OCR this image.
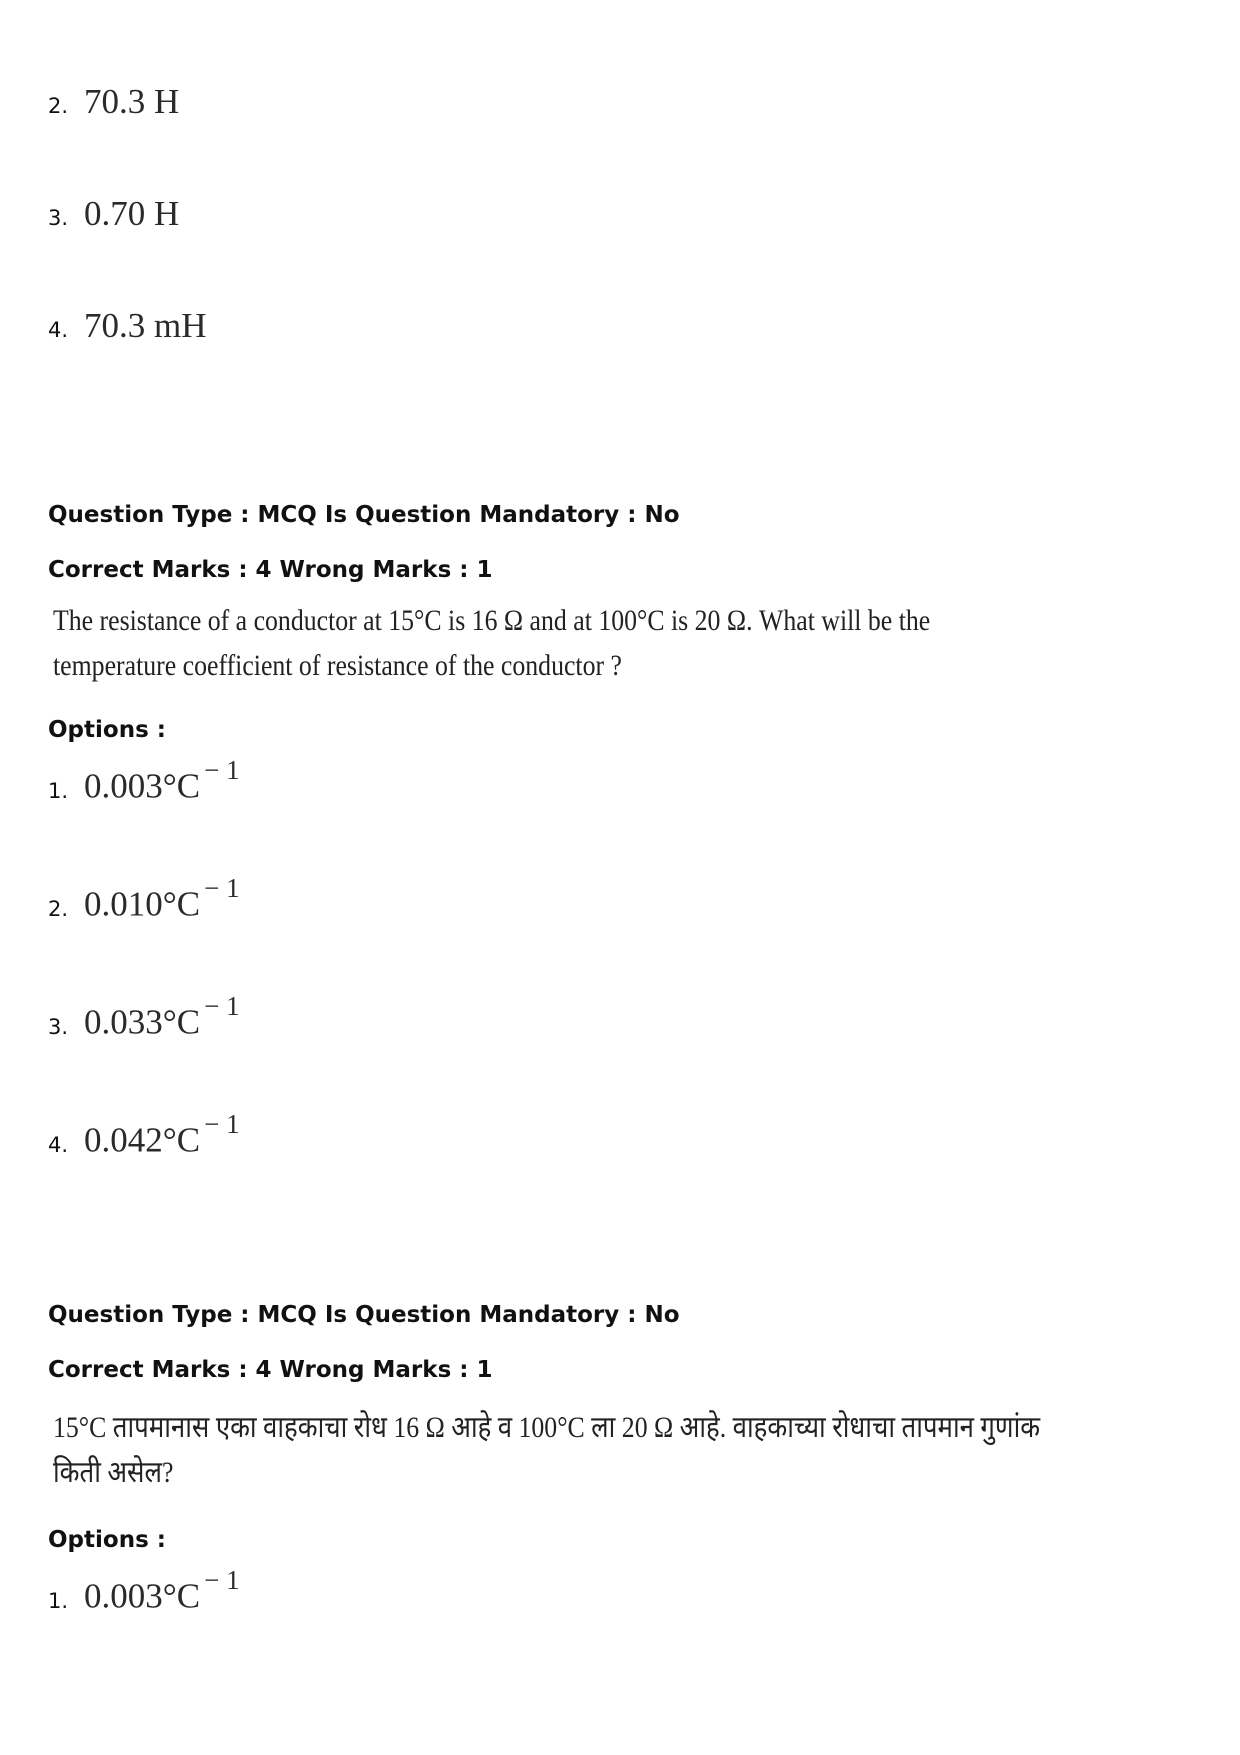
2. 70.3 H
3. 0.70 H
4. 70.3 mH
Question Type : MCQ Is Question Mandatory : No
Correct Marks : 4 Wrong Marks : 1
The resistance of a conductor at 15°C is 16 Ω and at 100°C is 20 Ω. What will be the
temperature coefficient of resistance of the conductor ?
Options :
1. 0.003°C $^{- 1}$
2. 0.010°C $^{- 1}$
3. 0.033°C $^{- 1}$
4. 0.042°C $^{- 1}$
Question Type : MCQ Is Question Mandatory : No
Correct Marks : 4 Wrong Marks : 1
15°C तापमानास एका वाहकाचा रोध 16 Ω आहे व 100°C ला 20 Ω आहे. वाहकाच्या रोधाचा तापमान गुणांक
किती असेल?
Options :
1. 0.003°C $^{- 1}$
